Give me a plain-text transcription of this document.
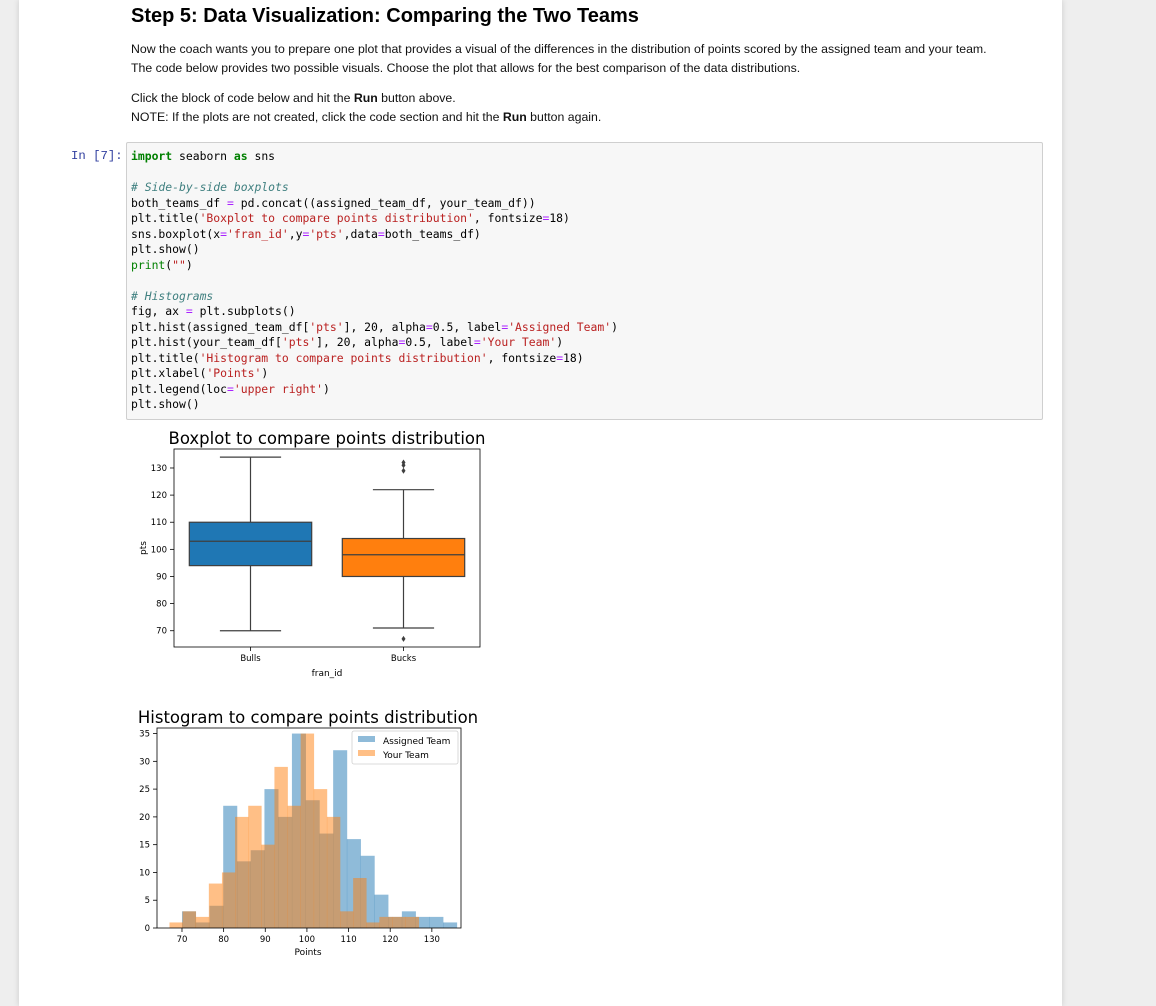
Step 5: Data Visualization: Comparing the Two Teams

Now the coach wants you to prepare one plot that provides a visual of the differences in the distribution of points scored by the assigned team and your team.
The code below provides two possible visuals. Choose the plot that allows for the best comparison of the data distributions.

Click the block of code below and hit the Run button above.
NOTE: If the plots are not created, click the code section and hit the Run button again.

In [7]: import seaborn as sns

# Side-by-side boxplots
both_teams_df = pd.concat((assigned_team_df, your_team_df))
plt.title('Boxplot to compare points distribution', fontsize=18)
sns.boxplot(x='fran_id',y='pts',data=both_teams_df)
plt.show()
print("")

# Histograms
fig, ax = plt.subplots()
plt.hist(assigned_team_df['pts'], 20, alpha=0.5, label='Assigned Team')
plt.hist(your_team_df['pts'], 20, alpha=0.5, label='Your Team')
plt.title('Histogram to compare points distribution', fontsize=18)
plt.xlabel('Points')
plt.legend(loc='upper right')
plt.show()
Boxplot to compare points distribution
70
80
90
100
110
120
130
Bulls	Bucks
pts
fran_id
Histogram to compare points distribution
0
5
10
15
20
25
30
35
70	80	90	100	110	120	130
Points
Assigned Team
Your Team
